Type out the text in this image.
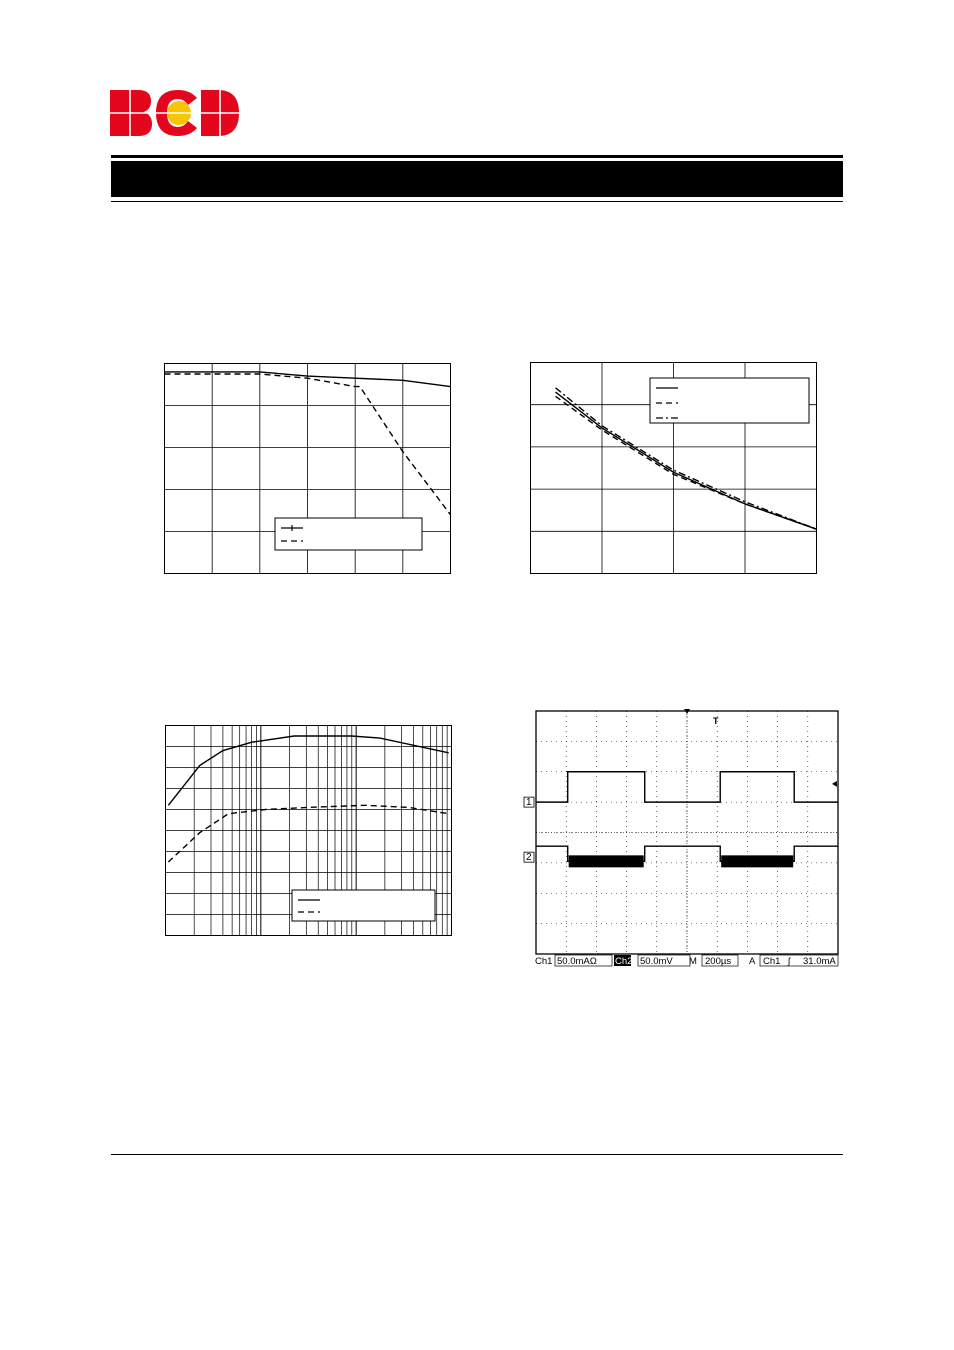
1
2
T
Ch1 50.0mAΩ Ch2 50.0mV M 200µs A Ch1 ʃ 31.0mA
